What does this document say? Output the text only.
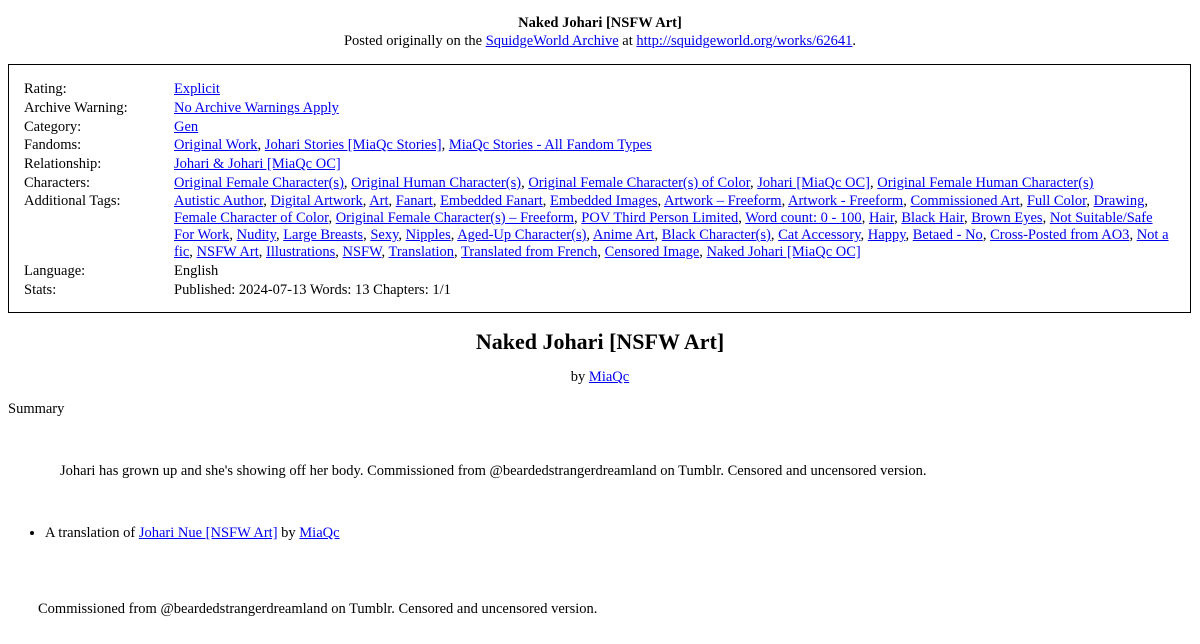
Naked Johari [NSFW Art]
Posted originally on the SquidgeWorld Archive at http://squidgeworld.org/works/62641.
Rating:	Explicit
Archive Warning:	No Archive Warnings Apply
Category:	Gen
Fandoms:	Original Work, Johari Stories [MiaQc Stories], MiaQc Stories - All Fandom Types
Relationship:	Johari & Johari [MiaQc OC]
Characters:	Original Female Character(s), Original Human Character(s), Original Female Character(s) of Color, Johari [MiaQc OC], Original Female Human Character(s)
Additional Tags:	Autistic Author, Digital Artwork, Art, Fanart, Embedded Fanart, Embedded Images, Artwork – Freeform, Artwork - Freeform, Commissioned Art, Full Color, Drawing, Female Character of Color, Original Female Character(s) – Freeform, POV Third Person Limited, Word count: 0 - 100, Hair, Black Hair, Brown Eyes, Not Suitable/Safe For Work, Nudity, Large Breasts, Sexy, Nipples, Aged-Up Character(s), Anime Art, Black Character(s), Cat Accessory, Happy, Betaed - No, Cross-Posted from AO3, Not a fic, NSFW Art, Illustrations, NSFW, Translation, Translated from French, Censored Image, Naked Johari [MiaQc OC]
Language:	English
Stats:	Published: 2024-07-13 Words: 13 Chapters: 1/1
Naked Johari [NSFW Art]
by MiaQc
Summary
Johari has grown up and she's showing off her body. Commissioned from @beardedstrangerdreamland on Tumblr. Censored and uncensored version.
• A translation of Johari Nue [NSFW Art] by MiaQc
Commissioned from @beardedstrangerdreamland on Tumblr. Censored and uncensored version.
